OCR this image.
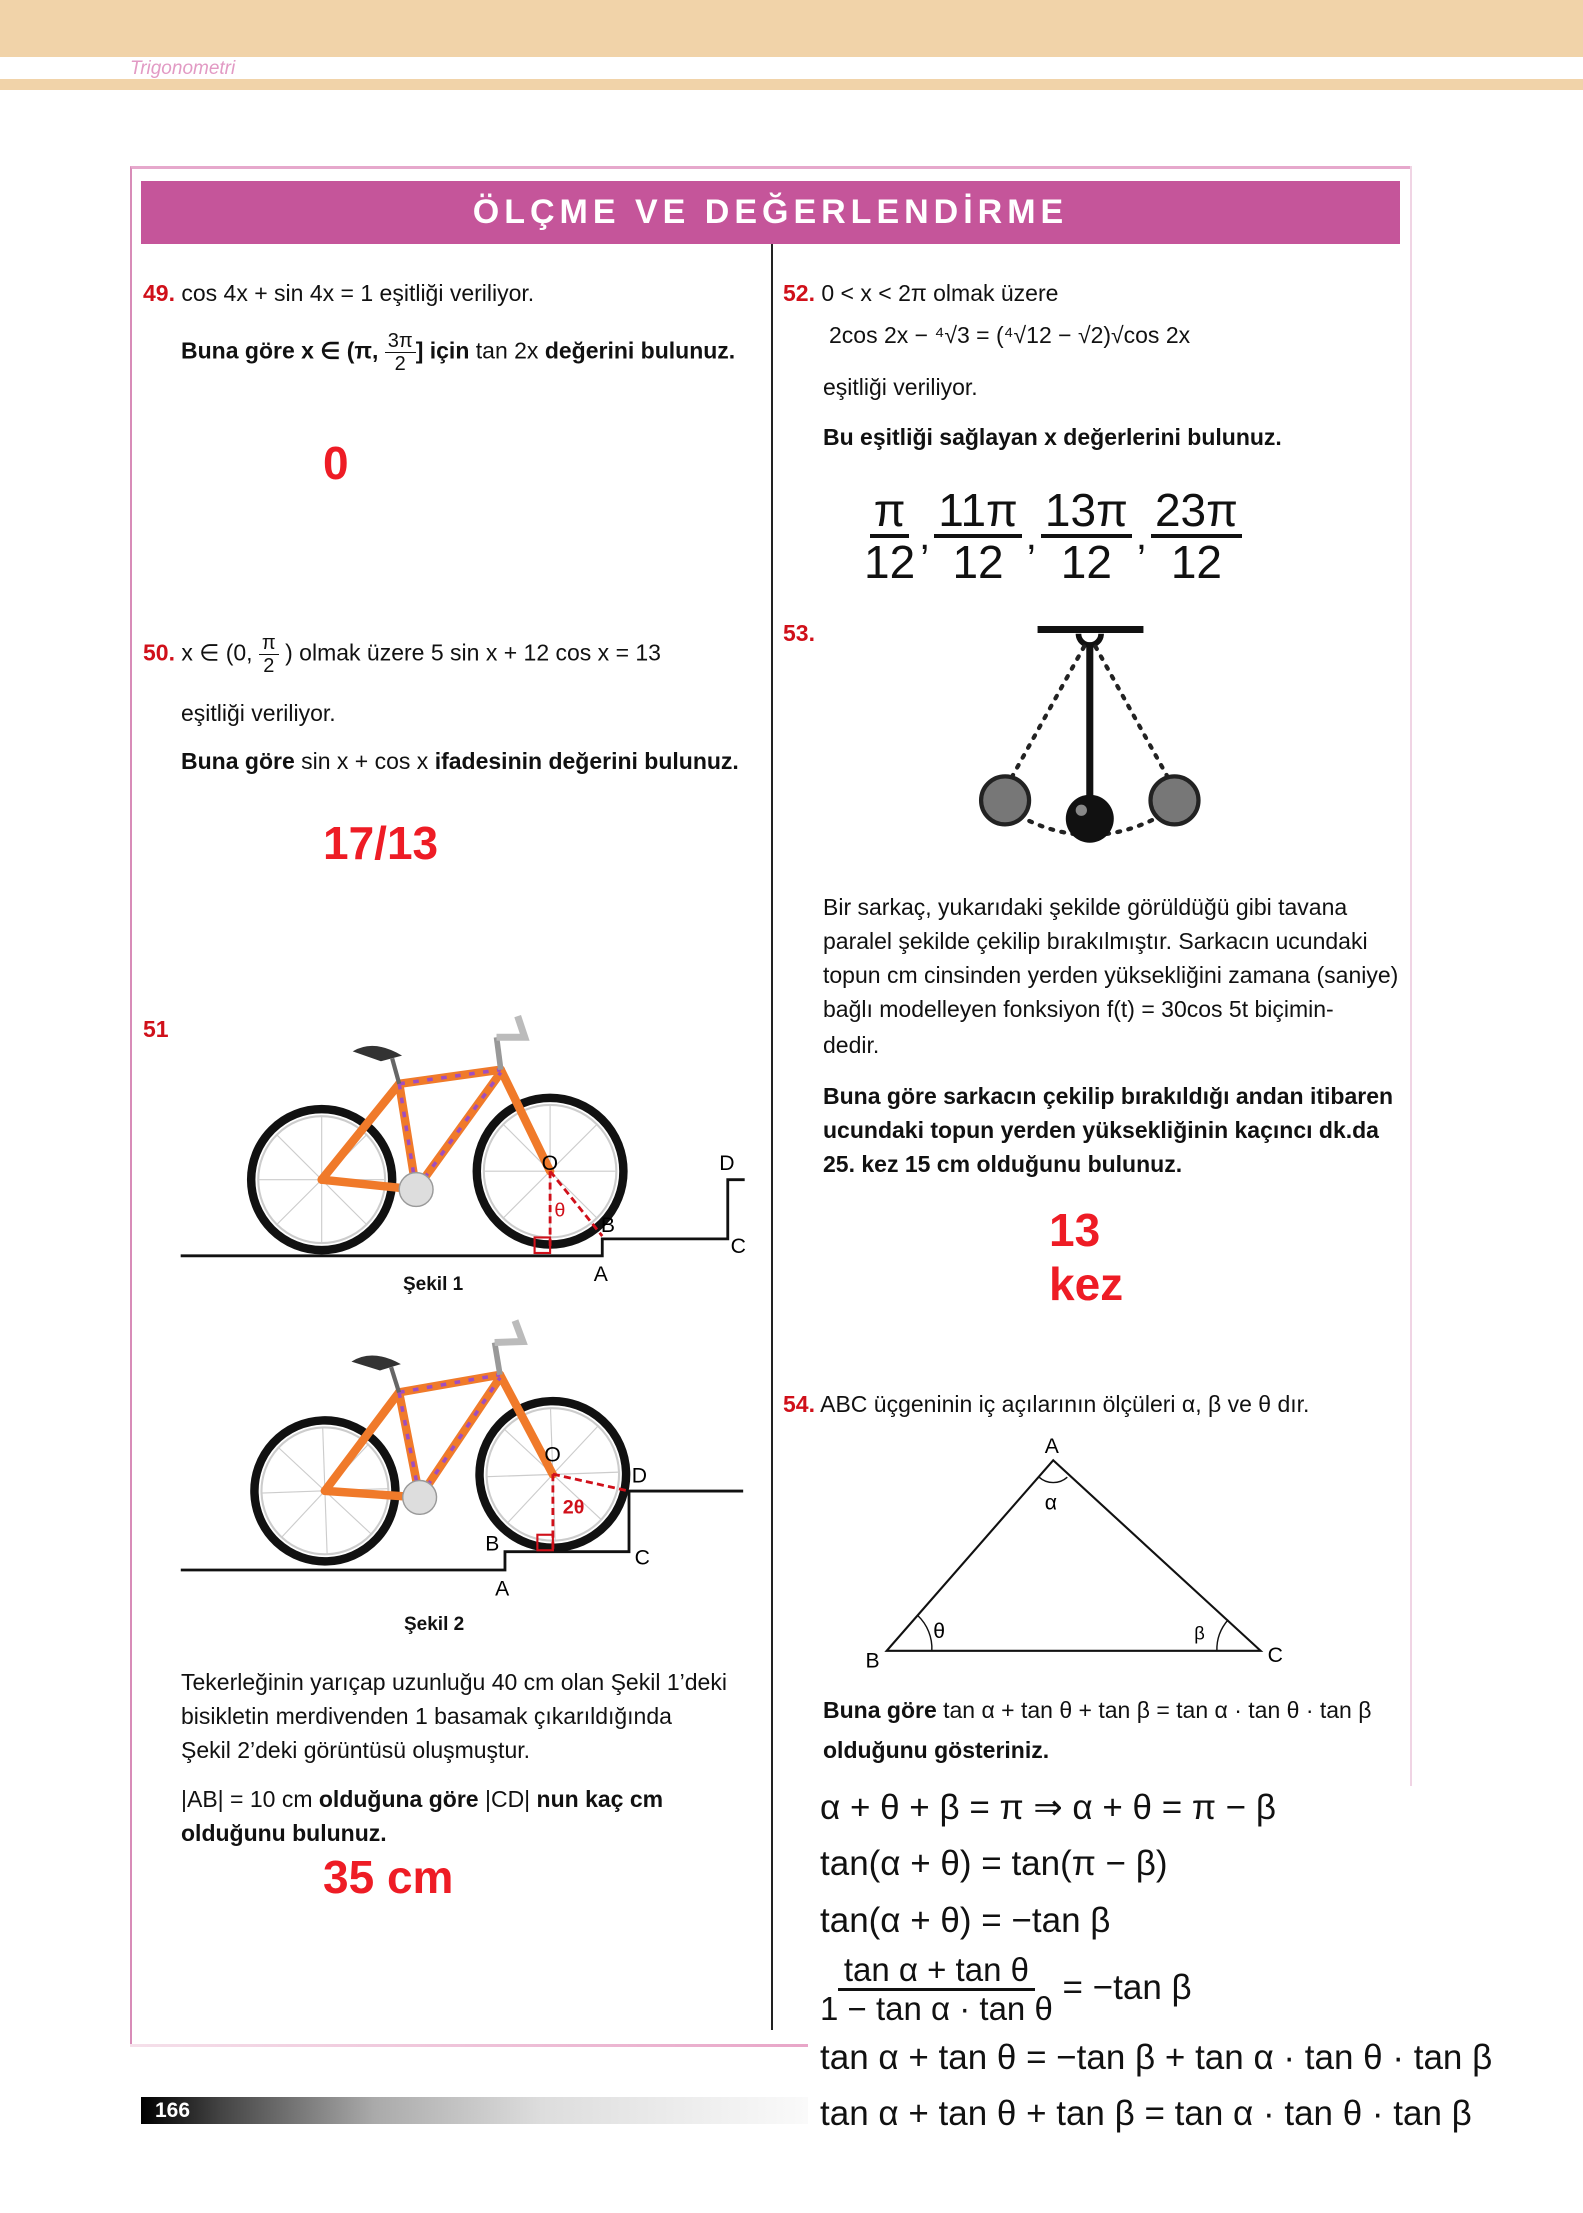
Trigonometri
ÖLÇME VE DEĞERLENDİRME
49. cos 4x + sin 4x = 1 eşitliği veriliyor.
Buna göre x ∈ (π, $\frac{3\pi}{2}$ ] için tan 2x değerini bulunuz.
0
50. x ∈ (0, $\frac{\pi}{2}$ ) olmak üzere 5 sin x + 12 cos x = 13
eşitliği veriliyor.
Buna göre sin x + cos x ifadesinin değerini bulunuz.
17/13
51
O
θ
B
A
C
D
Şekil 1
O
2θ
B
A
C
D
Şekil 2
Tekerleğinin yarıçap uzunluğu 40 cm olan Şekil 1’deki
bisikletin merdivenden 1 basamak çıkarıldığında
Şekil 2’deki görüntüsü oluşmuştur.
|AB| = 10 cm olduğuna göre |CD| nun kaç cm
olduğunu bulunuz.
35 cm
52. 0 < x < 2π olmak üzere
2cos 2x − ⁴√3 = (⁴√12 − √2)√cos 2x
eşitliği veriliyor.
Bu eşitliği sağlayan x değerlerini bulunuz.
$\frac{\pi}{12}$ , $\frac{11\pi}{12}$ , $\frac{13\pi}{12}$ , $\frac{23\pi}{12}$
53.
Bir sarkaç, yukarıdaki şekilde görüldüğü gibi tavana
paralel şekilde çekilip bırakılmıştır. Sarkacın ucundaki
topun cm cinsinden yerden yüksekliğini zamana (saniye)
bağlı modelleyen fonksiyon f(t) = 30cos 5t biçimin-
dedir.
Buna göre sarkacın çekilip bırakıldığı andan itibaren
ucundaki topun yerden yüksekliğinin kaçıncı dk.da
25. kez 15 cm olduğunu bulunuz.
13
kez
54. ABC üçgeninin iç açılarının ölçüleri α, β ve θ dır.
A
B	C
α
θ	β
Buna göre tan α + tan θ + tan β = tan α · tan θ · tan β
olduğunu gösteriniz.
α + θ + β = π ⇒ α + θ = π − β
tan(α + θ) = tan(π − β)
tan(α + θ) = −tan β
$\frac{\text{tan α + tan θ}}{\text{1 − tan α · tan θ}} = -\tan$ β
tan α + tan θ = −tan β + tan α · tan θ · tan β
tan α + tan θ + tan β = tan α · tan θ · tan β
166
